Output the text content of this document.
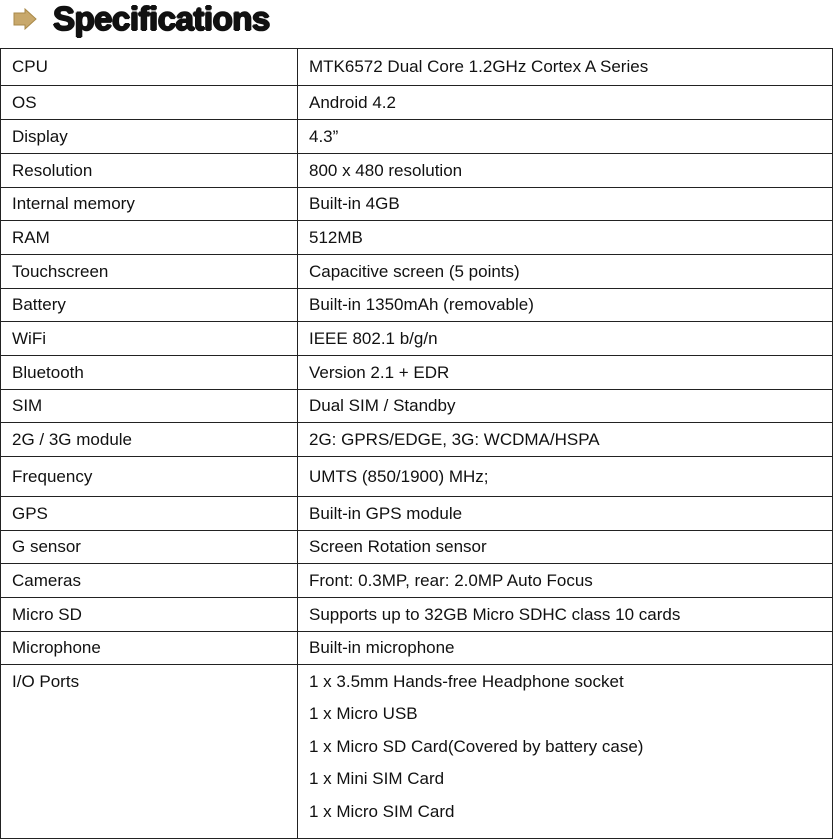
Specifications
CPU	MTK6572 Dual Core 1.2GHz Cortex A Series
OS	Android 4.2
Display	4.3”
Resolution	800 x 480 resolution
Internal memory	Built-in 4GB
RAM	512MB
Touchscreen	Capacitive screen (5 points)
Battery	Built-in 1350mAh (removable)
WiFi	IEEE 802.1 b/g/n
Bluetooth	Version 2.1 + EDR
SIM	Dual SIM / Standby
2G / 3G module	2G: GPRS/EDGE, 3G: WCDMA/HSPA
Frequency	UMTS (850/1900) MHz;
GPS	Built-in GPS module
G sensor	Screen Rotation sensor
Cameras	Front: 0.3MP, rear: 2.0MP Auto Focus
Micro SD	Supports up to 32GB Micro SDHC class 10 cards
Microphone	Built-in microphone

I/O Ports	1 x 3.5mm Hands-free Headphone socket
1 x Micro USB
1 x Micro SD Card(Covered by battery case)
1 x Mini SIM Card
1 x Micro SIM Card
